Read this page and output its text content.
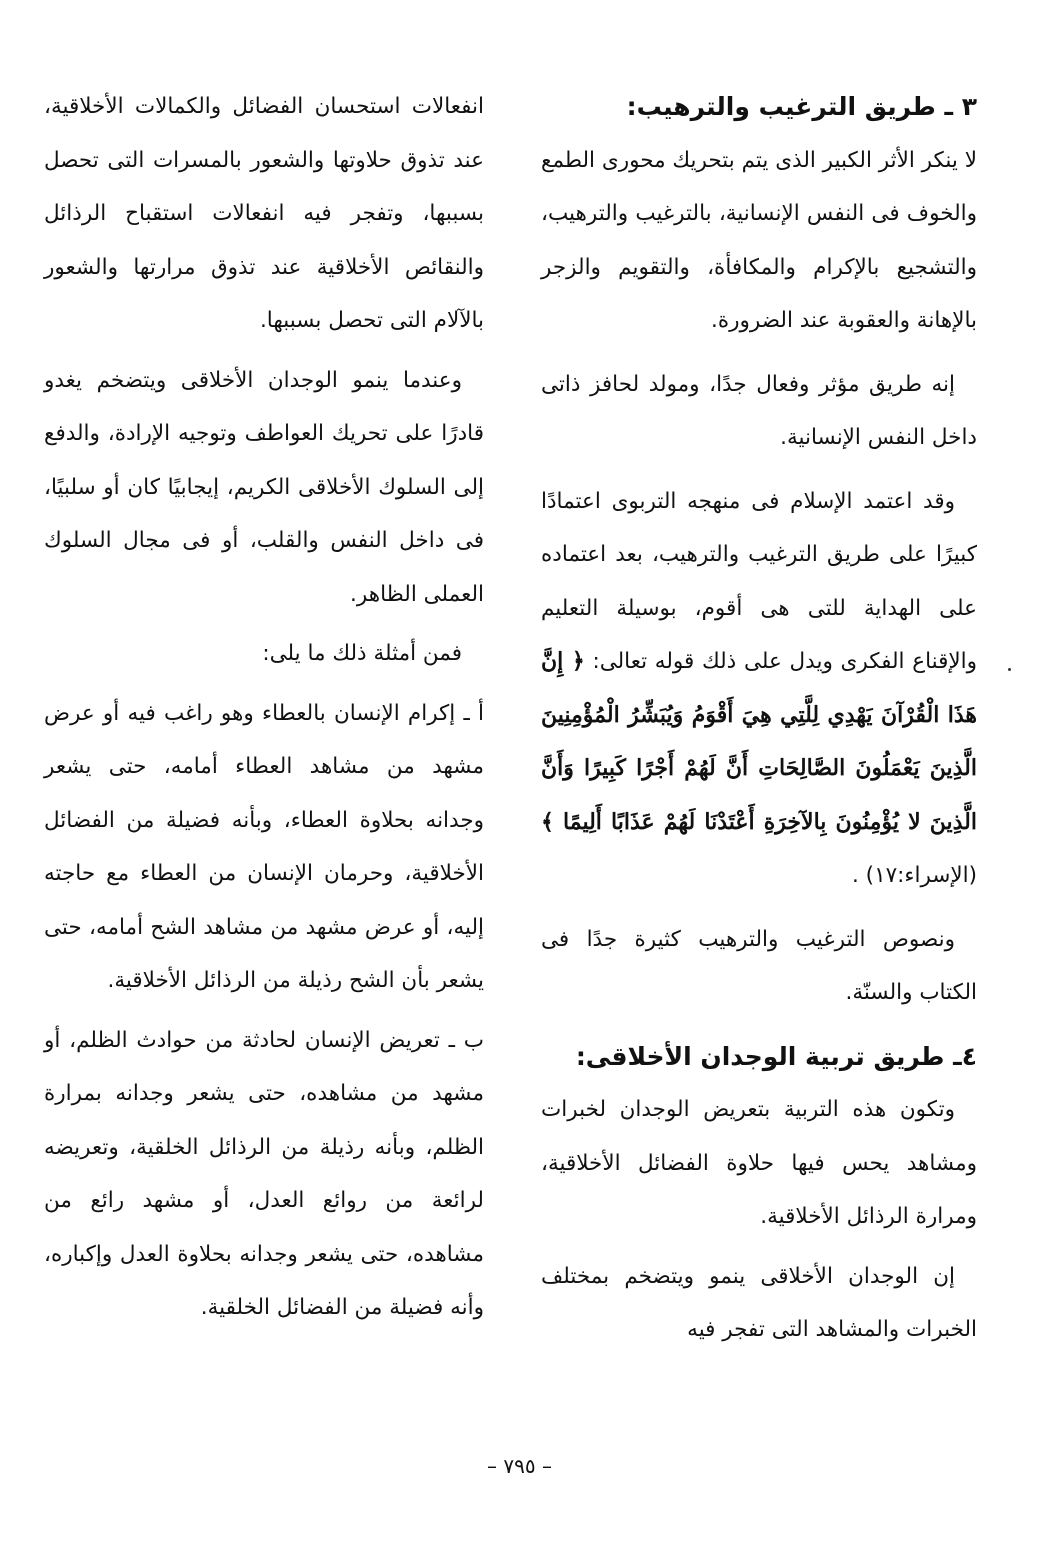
٣ ـ طريق الترغيب والترهيب:

لا ينكر الأثر الكبير الذى يتم بتحريك محورى الطمع والخوف فى النفس الإنسانية، بالترغيب والترهيب، والتشجيع بالإكرام والمكافأة، والتقويم والزجر بالإهانة والعقوبة عند الضرورة.

إنه طريق مؤثر وفعال جدًا، ومولد لحافز ذاتى داخل النفس الإنسانية.

وقد اعتمد الإسلام فى منهجه التربوى اعتمادًا كبيرًا على طريق الترغيب والترهيب، بعد اعتماده على الهداية للتى هى أقوم، بوسيلة التعليم والإقناع الفكرى ويدل على ذلك قوله تعالى: ﴿ إِنَّ هَذَا الْقُرْآنَ يَهْدِي لِلَّتِي هِيَ أَقْوَمُ وَيُبَشِّرُ الْمُؤْمِنِينَ الَّذِينَ يَعْمَلُونَ الصَّالِحَاتِ أَنَّ لَهُمْ أَجْرًا كَبِيرًا وَأَنَّ الَّذِينَ لا يُؤْمِنُونَ بِالآخِرَةِ أَعْتَدْنَا لَهُمْ عَذَابًا أَلِيمًا ﴾ (الإسراء:١٧) .

ونصوص الترغيب والترهيب كثيرة جدًا فى الكتاب والسنّة.

٤ـ طريق تربية الوجدان الأخلاقى:

وتكون هذه التربية بتعريض الوجدان لخبرات ومشاهد يحس فيها حلاوة الفضائل الأخلاقية، ومرارة الرذائل الأخلاقية.

إن الوجدان الأخلاقى ينمو ويتضخم بمختلف الخبرات والمشاهد التى تفجر فيه

انفعالات استحسان الفضائل والكمالات الأخلاقية، عند تذوق حلاوتها والشعور بالمسرات التى تحصل بسببها، وتفجر فيه انفعالات استقباح الرذائل والنقائص الأخلاقية عند تذوق مرارتها والشعور بالآلام التى تحصل بسببها.

وعندما ينمو الوجدان الأخلاقى ويتضخم يغدو قادرًا على تحريك العواطف وتوجيه الإرادة، والدفع إلى السلوك الأخلاقى الكريم، إيجابيًا كان أو سلبيًا، فى داخل النفس والقلب، أو فى مجال السلوك العملى الظاهر.

فمن أمثلة ذلك ما يلى:

أ ـ إكرام الإنسان بالعطاء وهو راغب فيه أو عرض مشهد من مشاهد العطاء أمامه، حتى يشعر وجدانه بحلاوة العطاء، وبأنه فضيلة من الفضائل الأخلاقية، وحرمان الإنسان من العطاء مع حاجته إليه، أو عرض مشهد من مشاهد الشح أمامه، حتى يشعر بأن الشح رذيلة من الرذائل الأخلاقية.

ب ـ تعريض الإنسان لحادثة من حوادث الظلم، أو مشهد من مشاهده، حتى يشعر وجدانه بمرارة الظلم، وبأنه رذيلة من الرذائل الخلقية، وتعريضه لرائعة من روائع العدل، أو مشهد رائع من مشاهده، حتى يشعر وجدانه بحلاوة العدل وإكباره، وأنه فضيلة من الفضائل الخلقية.

– ٧٩٥ –
